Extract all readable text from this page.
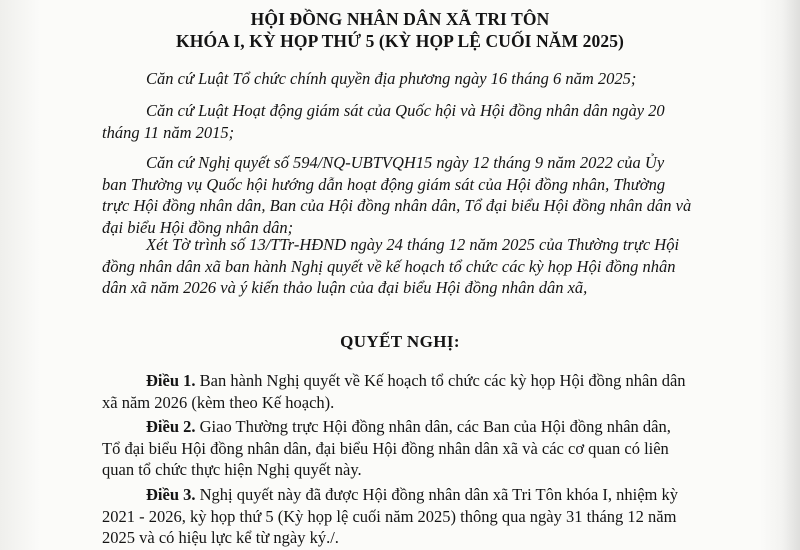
HỘI ĐỒNG NHÂN DÂN XÃ TRI TÔN
KHÓA I, KỲ HỌP THỨ 5 (KỲ HỌP LỆ CUỐI NĂM 2025)

Căn cứ Luật Tổ chức chính quyền địa phương ngày 16 tháng 6 năm 2025;

Căn cứ Luật Hoạt động giám sát của Quốc hội và Hội đồng nhân dân ngày 20 tháng 11 năm 2015;

Căn cứ Nghị quyết số 594/NQ-UBTVQH15 ngày 12 tháng 9 năm 2022 của Ủy ban Thường vụ Quốc hội hướng dẫn hoạt động giám sát của Hội đồng nhân, Thường trực Hội đồng nhân dân, Ban của Hội đồng nhân dân, Tổ đại biểu Hội đồng nhân dân và đại biểu Hội đồng nhân dân;

Xét Tờ trình số 13/TTr-HĐND ngày 24 tháng 12 năm 2025 của Thường trực Hội đồng nhân dân xã ban hành Nghị quyết về kế hoạch tổ chức các kỳ họp Hội đồng nhân dân xã năm 2026 và ý kiến thảo luận của đại biểu Hội đồng nhân dân xã,

QUYẾT NGHỊ:

Điều 1. Ban hành Nghị quyết về Kế hoạch tổ chức các kỳ họp Hội đồng nhân dân xã năm 2026 (kèm theo Kế hoạch).

Điều 2. Giao Thường trực Hội đồng nhân dân, các Ban của Hội đồng nhân dân, Tổ đại biểu Hội đồng nhân dân, đại biểu Hội đồng nhân dân xã và các cơ quan có liên quan tổ chức thực hiện Nghị quyết này.

Điều 3. Nghị quyết này đã được Hội đồng nhân dân xã Tri Tôn khóa I, nhiệm kỳ 2021 - 2026, kỳ họp thứ 5 (Kỳ họp lệ cuối năm 2025) thông qua ngày 31 tháng 12 năm 2025 và có hiệu lực kể từ ngày ký./.
